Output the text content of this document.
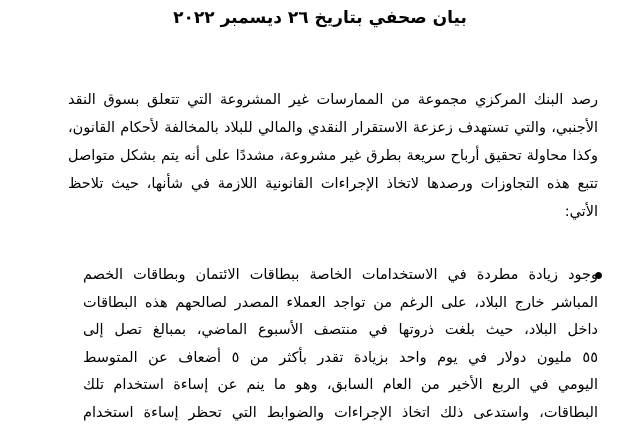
بيان صحفي بتاريخ ٢٦ ديسمبر ٢٠٢٢
رصد البنك المركزي مجموعة من الممارسات غير المشروعة التي تتعلق بسوق النقد
الأجنبي، والتي تستهدف زعزعة الاستقرار النقدي والمالي للبلاد بالمخالفة لأحكام القانون،
وكذا محاولة تحقيق أرباح سريعة بطرق غير مشروعة، مشددًا على أنه يتم بشكل متواصل
تتبع هذه التجاوزات ورصدها لاتخاذ الإجراءات القانونية اللازمة في شأنها، حيث تلاحظ
الأتي:
وجود زيادة مطردة في الاستخدامات الخاصة ببطاقات الائتمان وبطاقات الخصم
المباشر خارج البلاد، على الرغم من تواجد العملاء المصدر لصالحهم هذه البطاقات
داخل البلاد، حيث بلغت ذروتها في منتصف الأسبوع الماضي، بمبالغ تصل إلى
٥٥ مليون دولار في يوم واحد بزيادة تقدر بأكثر من ٥ أضعاف عن المتوسط
اليومي في الربع الأخير من العام السابق، وهو ما ينم عن إساءة استخدام تلك
البطاقات، واستدعى ذلك اتخاذ الإجراءات والضوابط التي تحظر إساءة استخدام
